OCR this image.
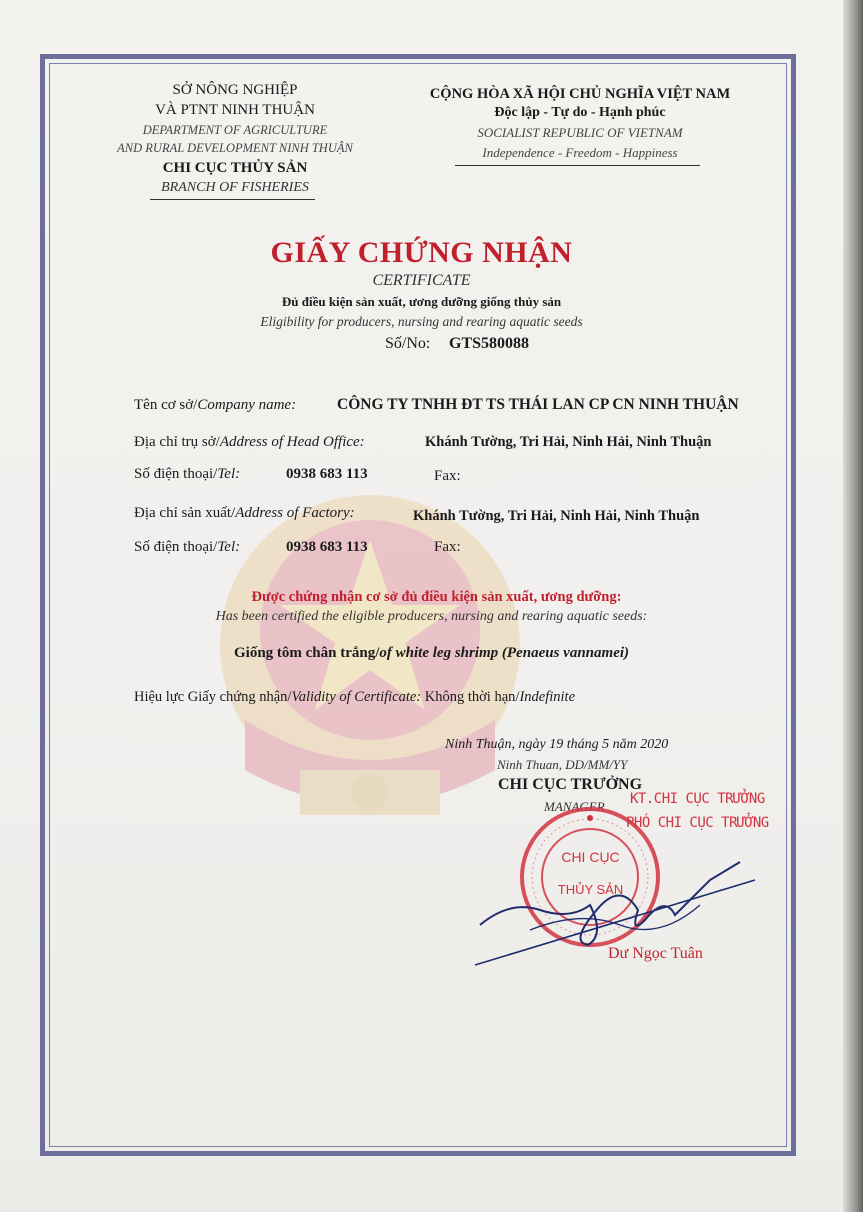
SỞ NÔNG NGHIỆP
VÀ PTNT NINH THUẬN
DEPARTMENT OF AGRICULTURE
AND RURAL DEVELOPMENT NINH THUẬN
CHI CỤC THỦY SẢN
BRANCH OF FISHERIES
CỘNG HÒA XÃ HỘI CHỦ NGHĨA VIỆT NAM
Độc lập - Tự do - Hạnh phúc
SOCIALIST REPUBLIC OF VIETNAM
Independence - Freedom - Happiness
GIẤY CHỨNG NHẬN
CERTIFICATE
Đủ điều kiện sản xuất, ương dưỡng giống thủy sản
Eligibility for producers, nursing and rearing aquatic seeds
Số/No: GTS580088
Tên cơ sở/Company name:	CÔNG TY TNHH ĐT TS THÁI LAN CP CN NINH THUẬN
Địa chỉ trụ sở/Address of Head Office:	Khánh Tường, Tri Hải, Ninh Hải, Ninh Thuận
Số điện thoại/Tel:	0938 683 113	Fax:
Địa chỉ sản xuất/Address of Factory:	Khánh Tường, Tri Hải, Ninh Hải, Ninh Thuận
Số điện thoại/Tel:	0938 683 113	Fax:
Được chứng nhận cơ sở đủ điều kiện sản xuất, ương dưỡng:
Has been certified the eligible producers, nursing and rearing aquatic seeds:
Giống tôm chân trắng/of white leg shrimp (Penaeus vannamei)
Hiệu lực Giấy chứng nhận/Validity of Certificate: Không thời hạn/Indefinite
Ninh Thuận, ngày 19 tháng 5 năm 2020
Ninh Thuan, DD/MM/YY
CHI CỤC TRƯỞNG
MANAGER KT.CHI CỤC TRƯỞNG
PHÓ CHI CỤC TRƯỞNG
CHI CỤC
THỦY SẢN
Dư Ngọc Tuân
